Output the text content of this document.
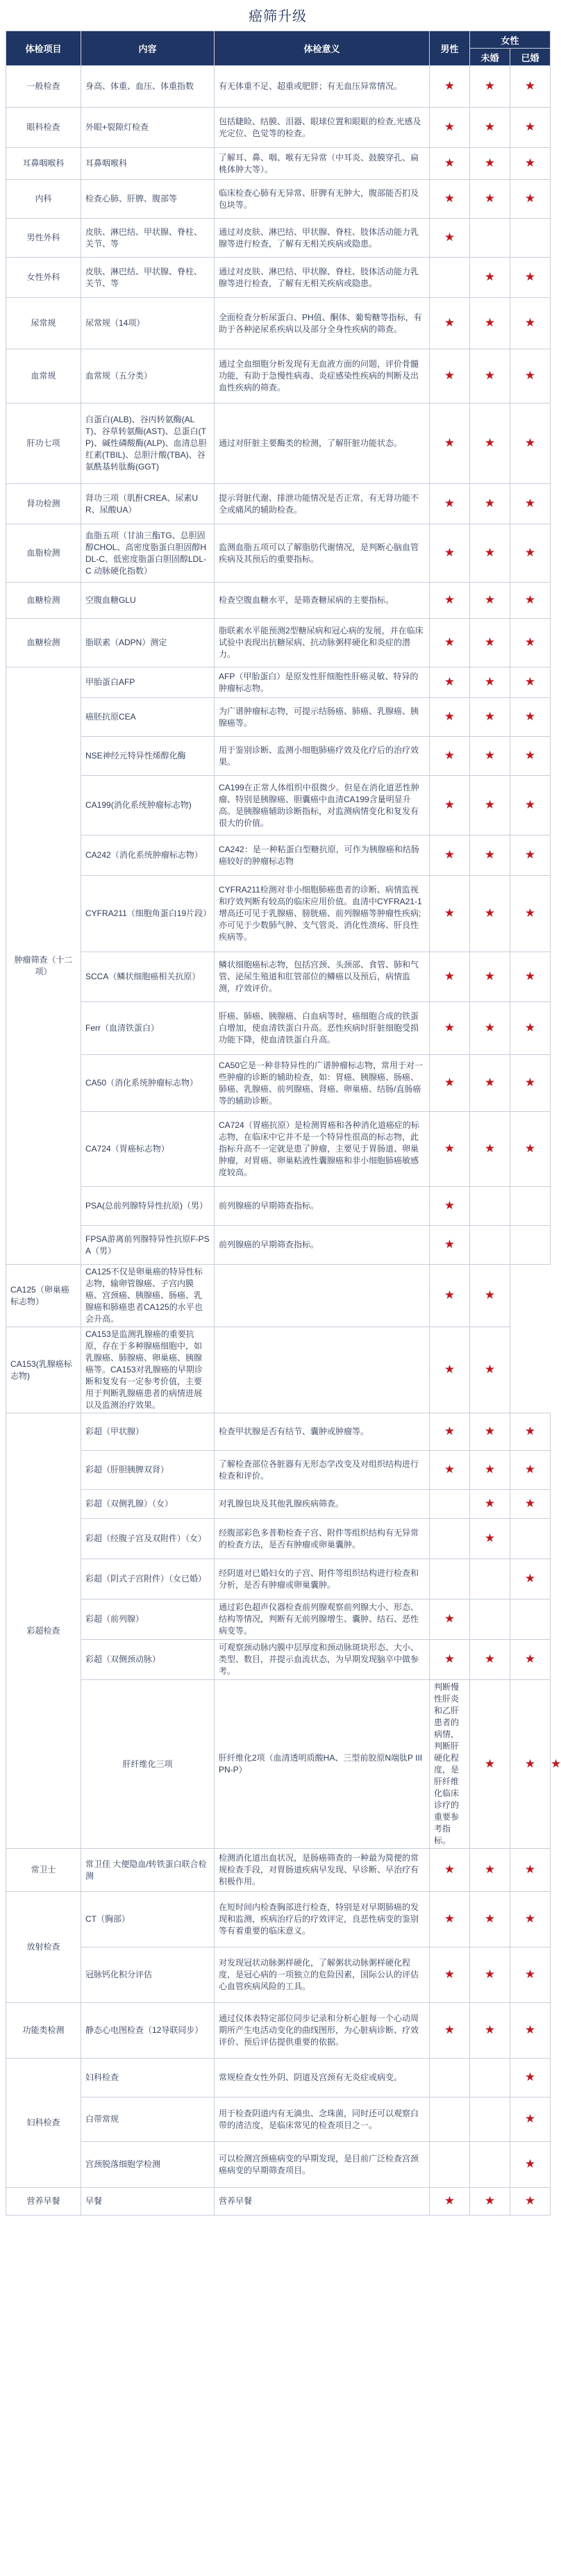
癌筛升级
体检项目	内容	体检意义	男性	女性		
				未婚	已婚	
一般检查	身高、体重、血压、体重指数	有无体重不足、超重或肥胖；有无血压异常情况。	★	★	★	
眼科检查	外眼+裂隙灯检查	包括睫睑、结膜、泪器、眼球位置和眼眶的检查,光感及光定位、色觉等的检查。	★	★	★	
耳鼻咽喉科	耳鼻咽喉科	了解耳、鼻、咽、喉有无异常（中耳炎、鼓膜穿孔、扁桃体肿大等）。	★	★	★	
内科	检查心肺、肝脾、腹部等	临床检查心肺有无异常、肝脾有无肿大，腹部能否扪及包块等。	★	★	★	
男性外科	皮肤、淋巴结、甲状腺、脊柱、关节、等	通过对皮肤、淋巴结、甲状腺、脊柱、肢体活动能力乳腺等进行检查，了解有无相关疾病或隐患。	★			
女性外科	皮肤、淋巴结、甲状腺、脊柱、关节、等	通过对皮肤、淋巴结、甲状腺、脊柱、肢体活动能力乳腺等进行检查，了解有无相关疾病或隐患。		★	★	
尿常规	尿常规（14项）	全面检查分析尿蛋白、PH值、酮体、葡萄糖等指标，有助于各种泌尿系疾病以及部分全身性疾病的筛查。	★	★	★	
血常规	血常规（五分类）	通过全血细胞分析发现有无血液方面的问题，评价骨髓功能，有助于急慢性病毒、炎症感染性疾病的判断及出血性疾病的筛查。	★	★	★	
肝功七项	白蛋白(ALB)、谷丙转氨酶(ALT)、谷草转氨酶(AST)、总蛋白(TP)、碱性磷酸酶(ALP)、血清总胆红素(TBIL)、总胆汁酸(TBA)、谷氨酰基转肽酶(GGT)	通过对肝脏主要酶类的检测，了解肝脏功能状态。	★	★	★	
肾功检测	肾功三项（肌酐CREA、尿素UR、尿酸UA）	提示肾脏代谢、排泄功能情况是否正常，有无肾功能不全或痛风的辅助检查。	★	★	★	
血脂检测	血脂五项（甘油三酯TG、总胆固醇CHOL、高密度脂蛋白胆固醇HDL-C、低密度脂蛋白胆固醇LDL-C 动脉硬化指数）	监测血脂五项可以了解脂肪代谢情况，是判断心脑血管疾病及其预后的重要指标。	★	★	★	
血糖检测	空腹血糖GLU	检查空腹血糖水平，是筛查糖尿病的主要指标。	★	★	★	
血糖检测	脂联素（ADPN）测定	脂联素水平能预测2型糖尿病和冠心病的发展，并在临床试验中表现出抗糖尿病、抗动脉粥样硬化和炎症的潜力。	★	★	★	
肿瘤筛查（十二项）	甲胎蛋白AFP	AFP（甲胎蛋白）是原发性肝细胞性肝癌灵敏、特异的肿瘤标志物。	★	★	★	
	癌胚抗原CEA	为广谱肿瘤标志物，可提示结肠癌、肺癌、乳腺癌、胰腺癌等。	★	★	★	
	NSE神经元特异性烯醇化酶	用于鉴别诊断、监测小细胞肺癌疗效及化疗后的治疗效果。	★	★	★	
	CA199(消化系统肿瘤标志物)	CA199在正常人体组织中很微少。但是在消化道恶性肿瘤、特别是胰腺癌、胆囊癌中血清CA199含量明显升高。是胰腺癌辅助诊断指标，对监测病情变化和复发有很大的价值。	★	★	★	
	CA242（消化系统肿瘤标志物）	CA242：是一种粘蛋白型糖抗原，可作为胰腺癌和结肠癌较好的肿瘤标志物	★	★	★	
	CYFRA211（细胞角蛋白19片段）	CYFRA211检测对非小细胞肺癌患者的诊断、病情监视和疗效判断有较高的临床应用价值。血清中CYFRA21-1增高还可见于乳腺癌、膀胱癌、前列腺癌等肿瘤性疾病;亦可见于少数肺气肿、支气管炎、消化性溃疡、肝良性疾病等。	★	★	★	
	SCCA（鳞状细胞癌相关抗原）	鳞状细胞癌标志物，包括宫颈、头颈部、食管、肺和气管、泌尿生殖道和肛管部位的鳞癌以及预后，病情监测，疗效评价。	★	★	★	
	Ferr（血清铁蛋白）	肝癌、肺癌、胰腺癌、白血病等时，癌细胞合成的铁蛋白增加，使血清铁蛋白升高。恶性疾病时肝脏细胞受损功能下降，使血清铁蛋白升高。	★	★	★	
	CA50（消化系统肿瘤标志物）	CA50它是一种非特异性的广谱肿瘤标志物，常用于对一些肿瘤的诊断的辅助检查，如：胃癌、胰腺癌、肠癌、肺癌、乳腺癌、前列腺癌、肾癌、卵巢癌、结肠/直肠癌等的辅助诊断。	★	★	★	
	CA724（胃癌标志物）	CA724（胃癌抗原）是检测胃癌和各种消化道癌症的标志物，在临床中它并不是一个特异性很高的标志物，此指标升高不一定就是患了肿瘤，主要见于胃肠道、卵巢肿瘤，对胃癌、卵巢粘液性囊腺癌和非小细胞肺癌敏感度较高。	★	★	★	
	PSA(总前列腺特异性抗原)（男）	前列腺癌的早期筛查指标。	★			
	FPSA游离前列腺特异性抗原F-PSA（男）	前列腺癌的早期筛查指标。	★			
CA125（卵巢癌标志物）	CA125不仅是卵巢癌的特异性标志物，输卵管腺癌、子宫内膜癌、宫颈癌、胰腺癌、肠癌、乳腺癌和肺癌患者CA125的水平也会升高。		★	★		
CA153(乳腺癌标志物)	CA153是监测乳腺癌的重要抗原，存在于多种腺癌细胞中，如乳腺癌、肺腺癌、卵巢癌、胰腺癌等。CA153对乳腺癌的早期诊断和复发有一定参考价值，主要用于判断乳腺癌患者的病情进展以及监测治疗效果。		★	★		
彩超检查	彩超（甲状腺）	检查甲状腺是否有结节、囊肿或肿瘤等。	★	★	★	
	彩超（肝胆胰脾双肾）	了解检查部位各脏器有无形态学改变及对组织结构进行检查和评价。	★	★	★	
	彩超（双侧乳腺）（女）	对乳腺包块及其他乳腺疾病筛查。		★	★	
	彩超（经腹子宫及双附件）（女）	经腹部彩色多普勒检查子宫、附件等组织结构有无异常的检查方法，是否有肿瘤或卵巢囊肿。		★		
	彩超（阴式子宫附件）（女已婚）	经阴道对已婚妇女的子宫、附件等组织结构进行检查和分析，是否有肿瘤或卵巢囊肿。			★	
	彩超（前列腺）	通过彩色超声仪器检查前列腺观察前列腺大小、形态、结构等情况，判断有无前列腺增生、囊肿、结石、恶性病变等。	★			
	彩超（双侧颈动脉）	可观察颈动脉内膜中层厚度和颈动脉斑块形态、大小、类型、数目，并提示血流状态，为早期发现脑卒中做参考。	★	★	★	
	肝纤维化三项	肝纤维化2项（血清透明质酸HA、三型前胶原N端肽P III PN-P）	判断慢性肝炎和乙肝患者的病情，判断肝硬化程度，是肝纤维化临床诊疗的重要参考指标。	★	★	★
常卫士	常卫佳 大便隐血/转铁蛋白联合检测	检测消化道出血状况，是肠癌筛查的一种最为简便的常规检查手段，对胃肠道疾病早发现、早诊断、早治疗有积极作用。	★	★	★	
放射检查	CT（胸部）	在短时间内检查胸部进行检查，特别是对早期肺癌的发现和监测，疾病治疗后的疗效评定，良恶性病变的鉴别等有着重要的临床意义。	★	★	★	
	冠脉钙化积分评估	对发现冠状动脉粥样硬化，了解粥状动脉粥样硬化程度，是冠心病的一项独立的危险因素，国际公认的评估心血管疾病风险的工具。	★	★	★	
功能类检测	静态心电图检查（12导联同步）	通过仪体表特定部位同步记录和分析心脏每一个心动周期所产生电活动变化的曲线图形，为心脏病诊断、疗效评价、预后评估提供重要的依据。	★	★	★	
妇科检查	妇科检查	常规检查女性外阴、阴道及宫颈有无炎症或病变。			★	
	白带常规	用于检查阴道内有无滴虫、念珠菌，同时还可以观察白带的清洁度，是临床常见的检查项目之一。			★	
	宫颈脱落细胞学检测	可以检测宫颈癌病变的早期发现，是目前广泛检查宫颈癌病变的早期筛查项目。			★	
营养早餐	早餐	营养早餐	★	★	★	
